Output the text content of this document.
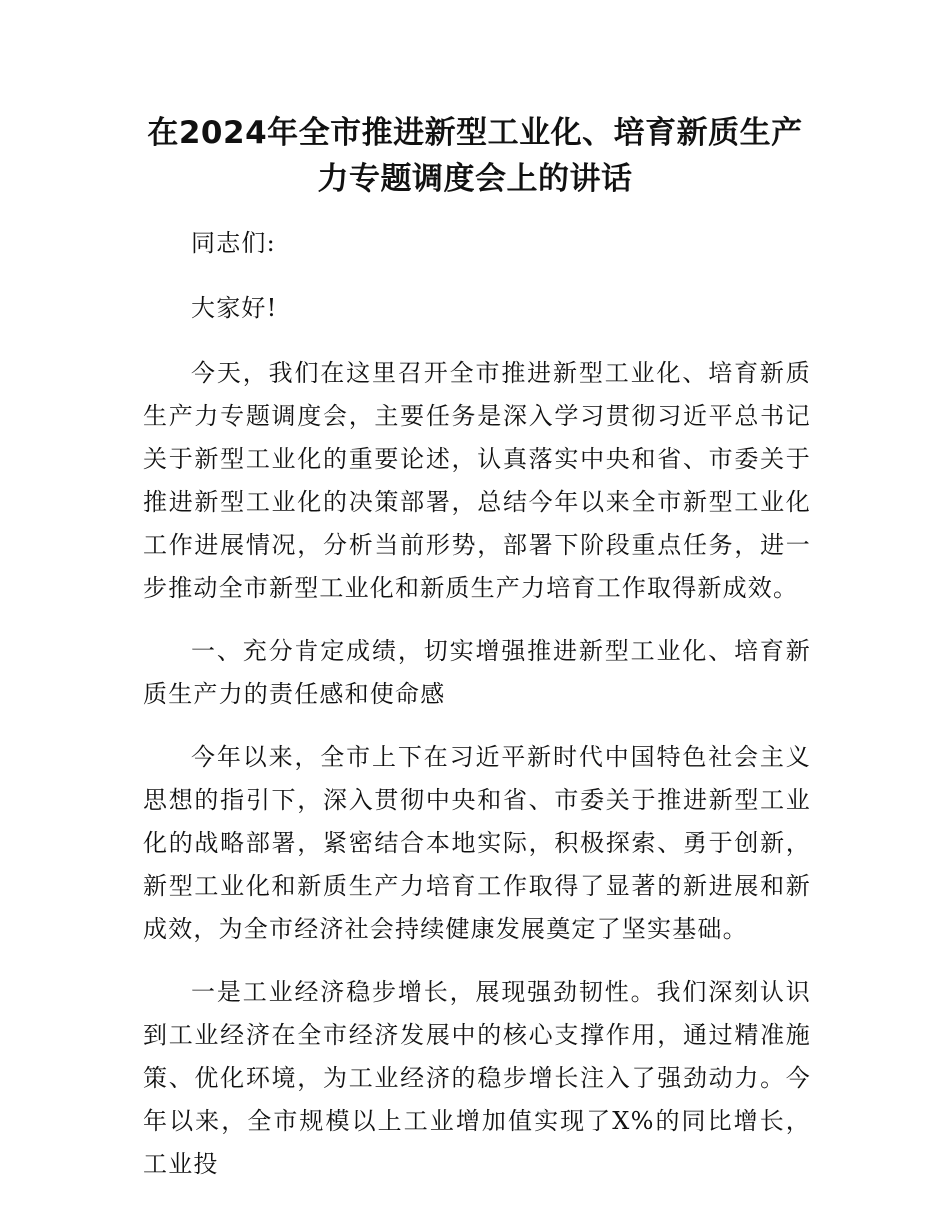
在2024年全市推进新型工业化、培育新质生产
力专题调度会上的讲话

同志们:

大家好!

今天，我们在这里召开全市推进新型工业化、培育新质生产力专题调度会，主要任务是深入学习贯彻习近平总书记关于新型工业化的重要论述，认真落实中央和省、市委关于推进新型工业化的决策部署，总结今年以来全市新型工业化工作进展情况，分析当前形势，部署下阶段重点任务，进一步推动全市新型工业化和新质生产力培育工作取得新成效。

一、充分肯定成绩，切实增强推进新型工业化、培育新质生产力的责任感和使命感

今年以来，全市上下在习近平新时代中国特色社会主义思想的指引下，深入贯彻中央和省、市委关于推进新型工业化的战略部署，紧密结合本地实际，积极探索、勇于创新，新型工业化和新质生产力培育工作取得了显著的新进展和新成效，为全市经济社会持续健康发展奠定了坚实基础。

一是工业经济稳步增长，展现强劲韧性。我们深刻认识到工业经济在全市经济发展中的核心支撑作用，通过精准施策、优化环境，为工业经济的稳步增长注入了强劲动力。今年以来，全市规模以上工业增加值实现了X%的同比增长，工业投
